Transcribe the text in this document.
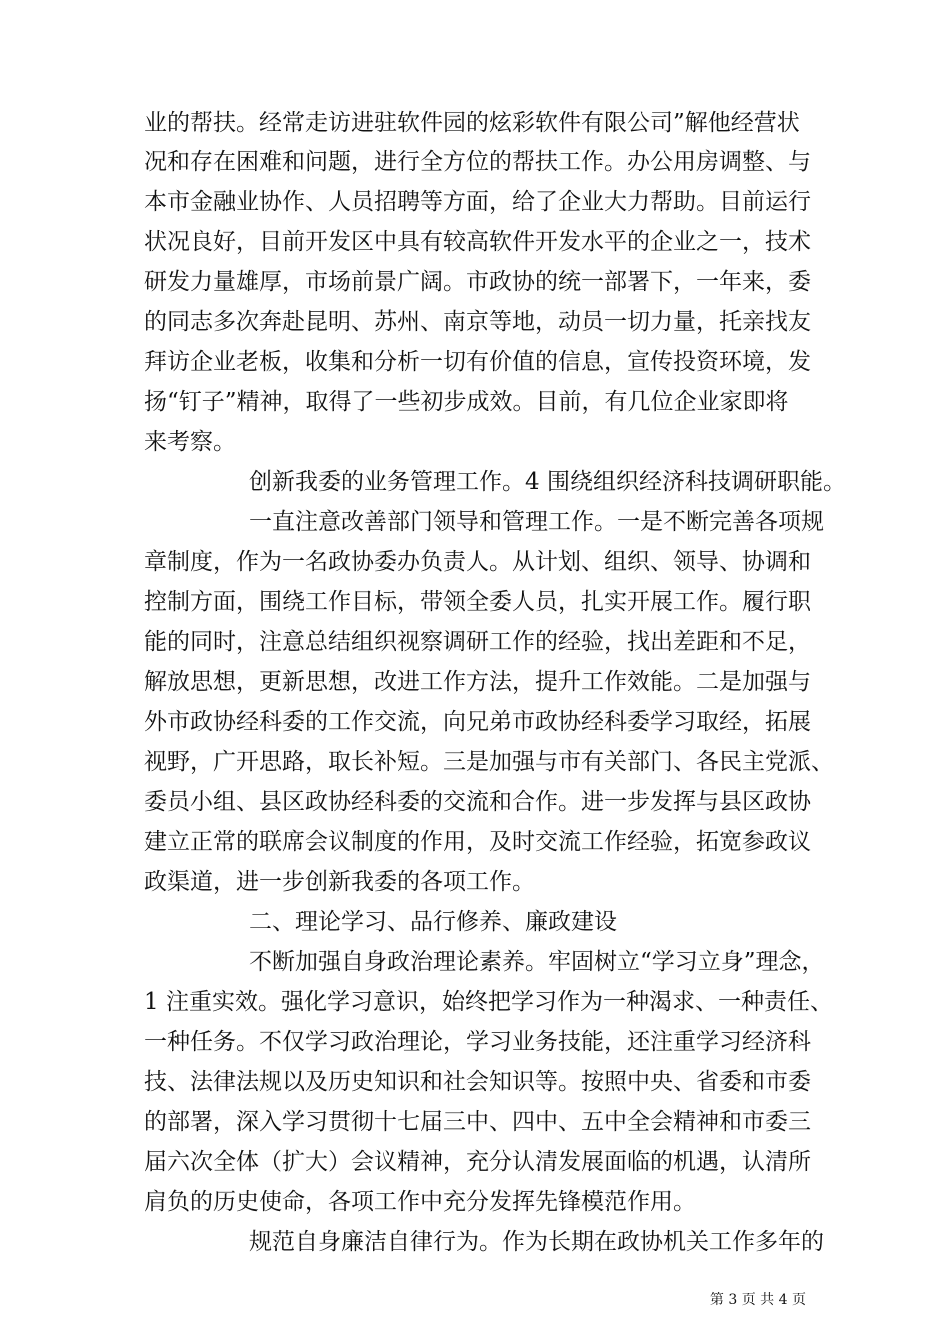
业的帮扶。经常走访进驻软件园的炫彩软件有限公司”解他经营状
况和存在困难和问题，进行全方位的帮扶工作。办公用房调整、与
本市金融业协作、人员招聘等方面，给了企业大力帮助。目前运行
状况良好，目前开发区中具有较高软件开发水平的企业之一，技术
研发力量雄厚，市场前景广阔。市政协的统一部署下，一年来，委
的同志多次奔赴昆明、苏州、南京等地，动员一切力量，托亲找友
拜访企业老板，收集和分析一切有价值的信息，宣传投资环境，发
扬“钉子”精神，取得了一些初步成效。目前，有几位企业家即将
来考察。
创新我委的业务管理工作。4 围绕组织经济科技调研职能。
一直注意改善部门领导和管理工作。一是不断完善各项规
章制度，作为一名政协委办负责人。从计划、组织、领导、协调和
控制方面，围绕工作目标，带领全委人员，扎实开展工作。履行职
能的同时，注意总结组织视察调研工作的经验，找出差距和不足，
解放思想，更新思想，改进工作方法，提升工作效能。二是加强与
外市政协经科委的工作交流，向兄弟市政协经科委学习取经，拓展
视野，广开思路，取长补短。三是加强与市有关部门、各民主党派、
委员小组、县区政协经科委的交流和合作。进一步发挥与县区政协
建立正常的联席会议制度的作用，及时交流工作经验，拓宽参政议
政渠道，进一步创新我委的各项工作。
二、理论学习、品行修养、廉政建设
不断加强自身政治理论素养。牢固树立“学习立身”理念，
1 注重实效。强化学习意识，始终把学习作为一种渴求、一种责任、
一种任务。不仅学习政治理论，学习业务技能，还注重学习经济科
技、法律法规以及历史知识和社会知识等。按照中央、省委和市委
的部署，深入学习贯彻十七届三中、四中、五中全会精神和市委三
届六次全体（扩大）会议精神，充分认清发展面临的机遇，认清所
肩负的历史使命，各项工作中充分发挥先锋模范作用。
规范自身廉洁自律行为。作为长期在政协机关工作多年的
第 3 页 共 4 页
